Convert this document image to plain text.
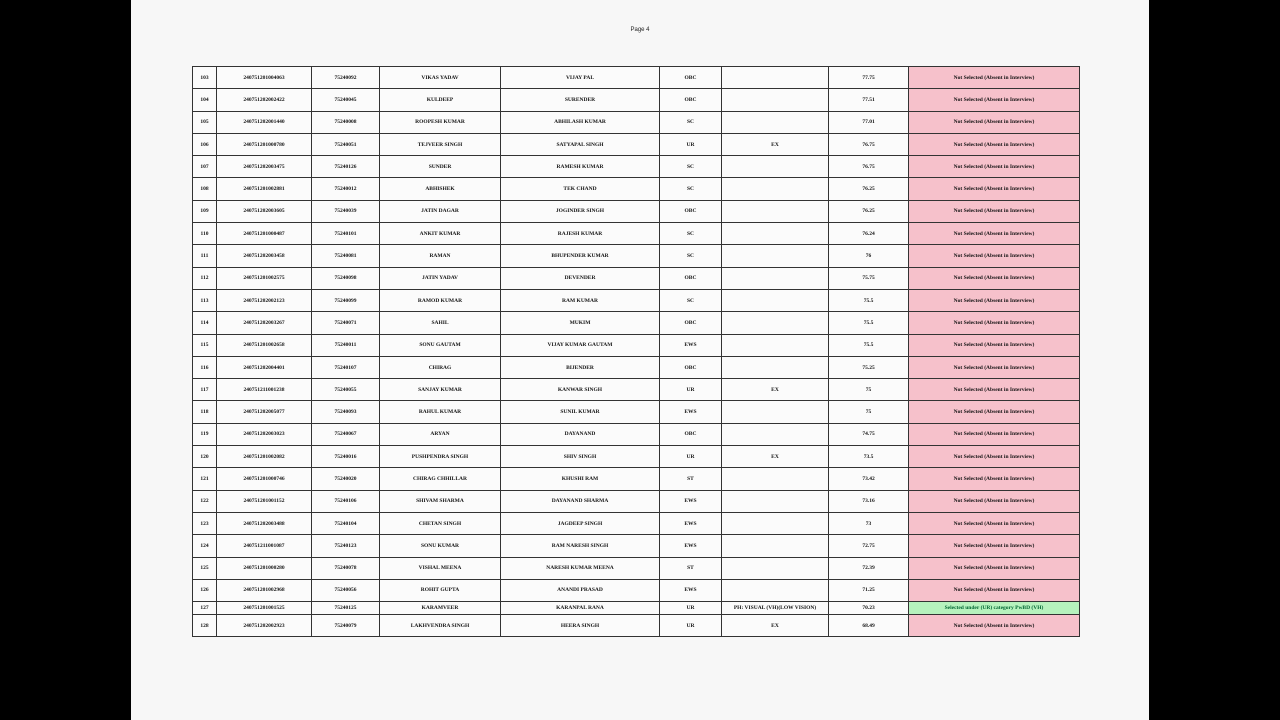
Page 4
103	240751201004063	75240092	VIKAS YADAV	VIJAY PAL	OBC		77.75	Not Selected (Absent in Interview)
104	240751202002422	75240045	KULDEEP	SURENDER	OBC		77.51	Not Selected (Absent in Interview)
105	240751202001440	75240008	ROOPESH KUMAR	ABHILASH KUMAR	SC		77.01	Not Selected (Absent in Interview)
106	240751201000780	75240051	TEJVEER SINGH	SATYAPAL SINGH	UR	EX	76.75	Not Selected (Absent in Interview)
107	240751202003475	75240126	SUNDER	RAMESH KUMAR	SC		76.75	Not Selected (Absent in Interview)
108	240751201002881	75240012	ABHISHEK	TEK CHAND	SC		76.25	Not Selected (Absent in Interview)
109	240751202003605	75240039	JATIN DAGAR	JOGINDER SINGH	OBC		76.25	Not Selected (Absent in Interview)
110	240751201000487	75240101	ANKIT KUMAR	RAJESH KUMAR	SC		76.24	Not Selected (Absent in Interview)
111	240751202003458	75240081	RAMAN	BHUPENDER KUMAR	SC		76	Not Selected (Absent in Interview)
112	240751201002575	75240098	JATIN YADAV	DEVENDER	OBC		75.75	Not Selected (Absent in Interview)
113	240751202002123	75240099	RAMOD KUMAR	RAM KUMAR	SC		75.5	Not Selected (Absent in Interview)
114	240751202003267	75240071	SAHIL	MUKIM	OBC		75.5	Not Selected (Absent in Interview)
115	240751201002658	75240011	SONU GAUTAM	VIJAY KUMAR GAUTAM	EWS		75.5	Not Selected (Absent in Interview)
116	240751202004401	75240107	CHIRAG	BIJENDER	OBC		75.25	Not Selected (Absent in Interview)
117	240751211001238	75240055	SANJAY KUMAR	KANWAR SINGH	UR	EX	75	Not Selected (Absent in Interview)
118	240751202005077	75240093	RAHUL KUMAR	SUNIL KUMAR	EWS		75	Not Selected (Absent in Interview)
119	240751202003023	75240067	ARYAN	DAYANAND	OBC		74.75	Not Selected (Absent in Interview)
120	240751201002082	75240016	PUSHPENDRA SINGH	SHIV SINGH	UR	EX	73.5	Not Selected (Absent in Interview)
121	240751201000746	75240020	CHIRAG CHHILLAR	KHUSHI RAM	ST		73.42	Not Selected (Absent in Interview)
122	240751201001152	75240106	SHIVAM SHARMA	DAYANAND SHARMA	EWS		73.16	Not Selected (Absent in Interview)
123	240751202003488	75240104	CHETAN SINGH	JAGDEEP SINGH	EWS		73	Not Selected (Absent in Interview)
124	240751211001087	75240123	SONU KUMAR	RAM NARESH SINGH	EWS		72.75	Not Selected (Absent in Interview)
125	240751201000280	75240078	VISHAL MEENA	NARESH KUMAR MEENA	ST		72.39	Not Selected (Absent in Interview)
126	240751201002968	75240056	ROHIT GUPTA	ANANDI PRASAD	EWS		71.25	Not Selected (Absent in Interview)
127	240751201001525	75240125	KARAMVEER	KARANPAL RANA	UR	PH: VISUAL (VH)(LOW VISION)	70.23	Selected under (UR) category PwBD (VH)
128	240751202002923	75240079	LAKHVENDRA SINGH	HEERA SINGH	UR	EX	68.49	Not Selected (Absent in Interview)
